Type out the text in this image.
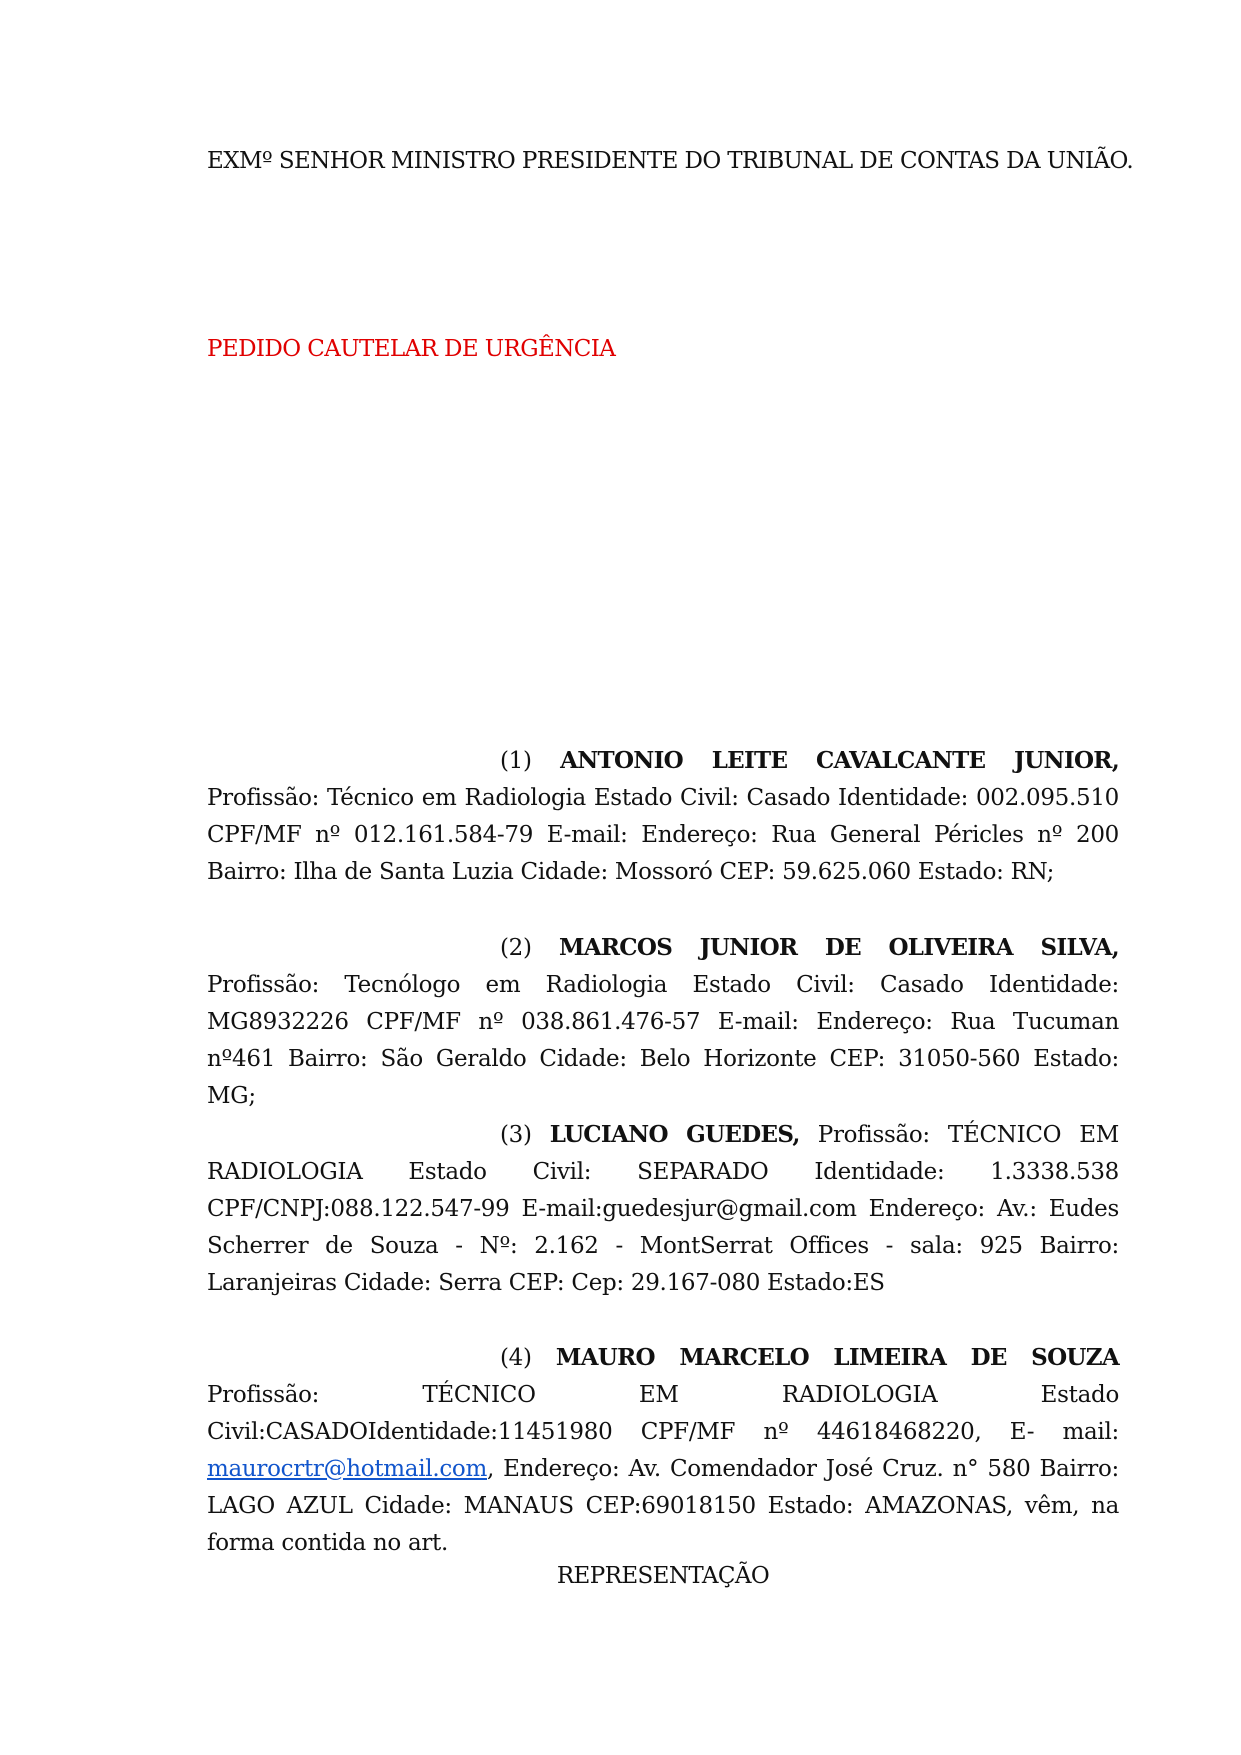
EXMº SENHOR MINISTRO PRESIDENTE DO TRIBUNAL DE CONTAS DA UNIÃO.
PEDIDO CAUTELAR DE URGÊNCIA

(1) ANTONIO LEITE CAVALCANTE JUNIOR, Profissão: Técnico em Radiologia Estado Civil: Casado Identidade: 002.095.510 CPF/MF nº 012.161.584-79 E-mail: Endereço: Rua General Péricles nº 200 Bairro: Ilha de Santa Luzia Cidade: Mossoró CEP: 59.625.060 Estado: RN;

(2) MARCOS JUNIOR DE OLIVEIRA SILVA, Profissão: Tecnólogo em Radiologia Estado Civil: Casado Identidade: MG8932226 CPF/MF nº 038.861.476-57 E-mail: Endereço: Rua Tucuman nº461 Bairro: São Geraldo Cidade: Belo Horizonte CEP: 31050-560 Estado: MG;

(3) LUCIANO GUEDES, Profissão: TÉCNICO EM RADIOLOGIA Estado Civil: SEPARADO Identidade: 1.3338.538 CPF/CNPJ:088.122.547-99 E-mail:guedesjur@gmail.com Endereço: Av.: Eudes Scherrer de Souza - Nº: 2.162 - MontSerrat Offices - sala: 925 Bairro: Laranjeiras Cidade: Serra CEP: Cep: 29.167-080 Estado:ES

(4) MAURO MARCELO LIMEIRA DE SOUZA Profissão: TÉCNICO EM RADIOLOGIA Estado Civil:CASADOIdentidade:11451980 CPF/MF nº 44618468220, E- mail: maurocrtr@hotmail.com, Endereço: Av. Comendador José Cruz. n° 580 Bairro: LAGO AZUL Cidade: MANAUS CEP:69018150 Estado: AMAZONAS, vêm, na forma contida no art.

REPRESENTAÇÃO
